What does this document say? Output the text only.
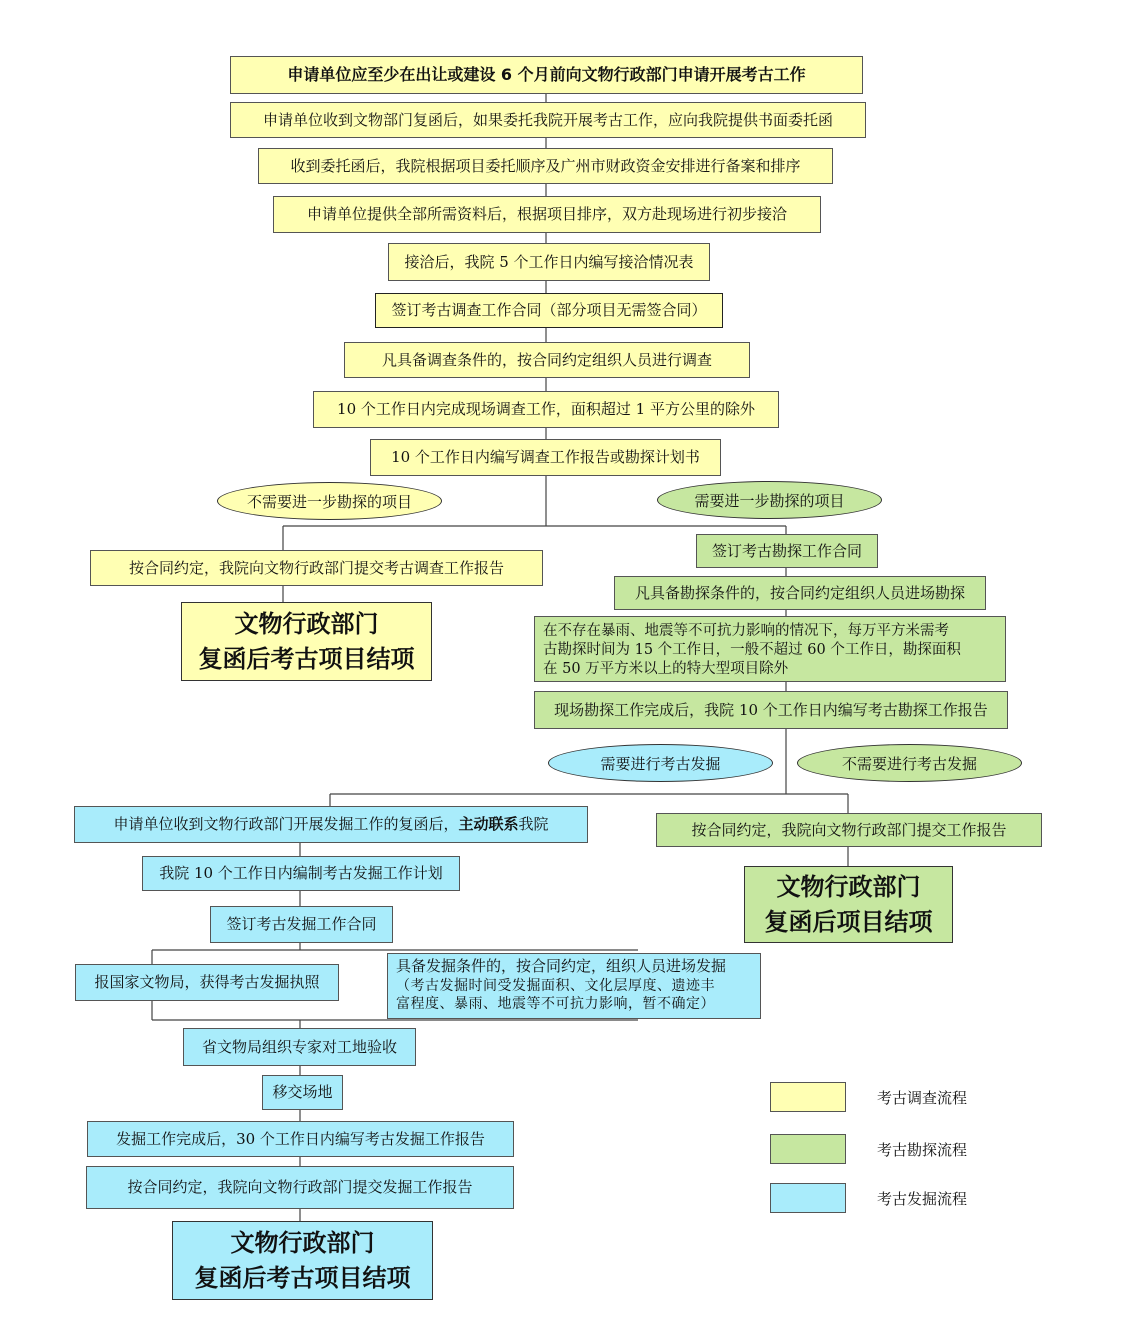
申请单位应至少在出让或建设 6 个月前向文物行政部门申请开展考古工作
申请单位收到文物部门复函后，如果委托我院开展考古工作，应向我院提供书面委托函
收到委托函后，我院根据项目委托顺序及广州市财政资金安排进行备案和排序
申请单位提供全部所需资料后，根据项目排序，双方赴现场进行初步接洽
接洽后，我院 5 个工作日内编写接洽情况表
签订考古调查工作合同（部分项目无需签合同）
凡具备调查条件的，按合同约定组织人员进行调查
10 个工作日内完成现场调查工作，面积超过 1 平方公里的除外
10 个工作日内编写调查工作报告或勘探计划书
不需要进一步勘探的项目	需要进一步勘探的项目
按合同约定，我院向文物行政部门提交考古调查工作报告
文物行政部门
复函后考古项目结项
签订考古勘探工作合同
凡具备勘探条件的，按合同约定组织人员进场勘探
在不存在暴雨、地震等不可抗力影响的情况下，每万平方米需考
古勘探时间为 15 个工作日，一般不超过 60 个工作日，勘探面积
在 50 万平方米以上的特大型项目除外
现场勘探工作完成后，我院 10 个工作日内编写考古勘探工作报告
需要进行考古发掘	不需要进行考古发掘
按合同约定，我院向文物行政部门提交工作报告
文物行政部门
复函后项目结项
申请单位收到文物行政部门开展发掘工作的复函后， 主动联系 我院
我院 10 个工作日内编制考古发掘工作计划
签订考古发掘工作合同
报国家文物局，获得考古发掘执照
具备发掘条件的，按合同约定，组织人员进场发掘
（考古发掘时间受发掘面积、文化层厚度、遗迹丰
富程度、暴雨、地震等不可抗力影响，暂不确定）
省文物局组织专家对工地验收
移交场地
发掘工作完成后，30 个工作日内编写考古发掘工作报告
按合同约定，我院向文物行政部门提交发掘工作报告
文物行政部门
复函后考古项目结项
考古调查流程
考古勘探流程
考古发掘流程
